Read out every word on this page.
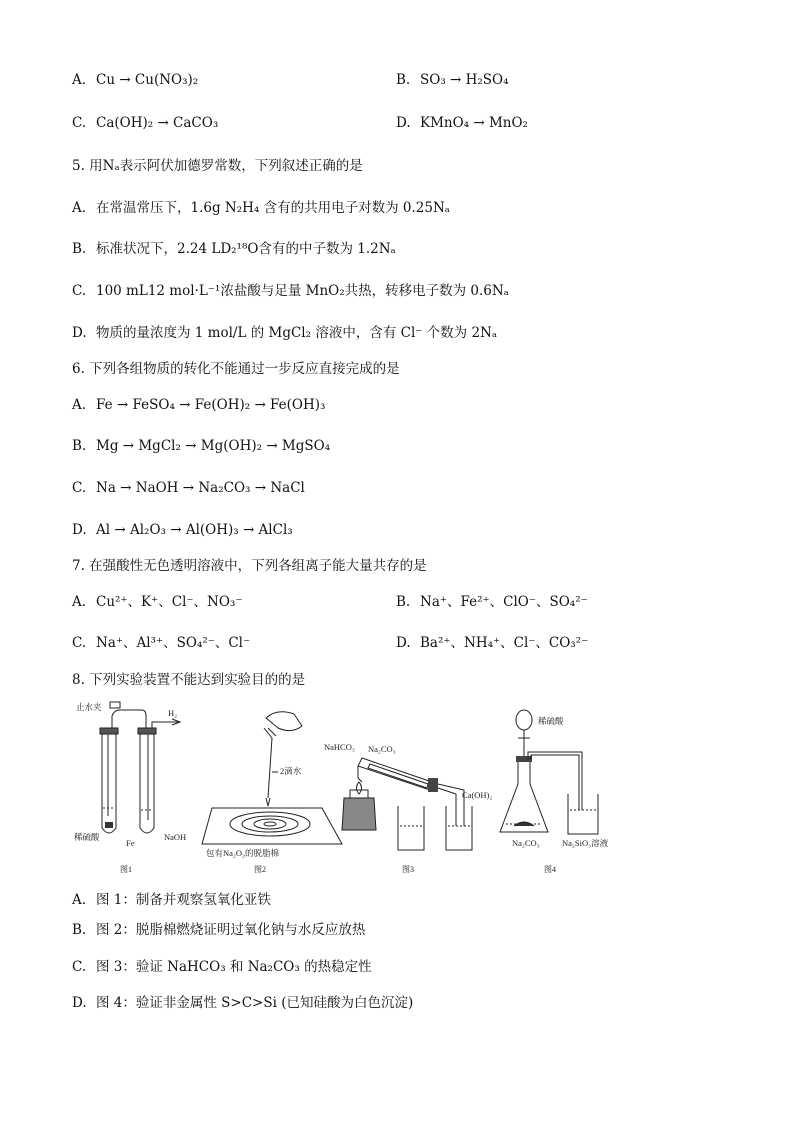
A. Cu → Cu(NO₃)₂	B. SO₃ → H₂SO₄
C. Ca(OH)₂ → CaCO₃	D. KMnO₄ → MnO₂
5. 用Nₐ表示阿伏加德罗常数，下列叙述正确的是
A. 在常温常压下，1.6g N₂H₄ 含有的共用电子对数为 0.25Nₐ
B. 标准状况下，2.24 LD₂¹⁸O含有的中子数为 1.2Nₐ
C. 100 mL12 mol·L⁻¹浓盐酸与足量 MnO₂共热，转移电子数为 0.6Nₐ
D. 物质的量浓度为 1 mol/L 的 MgCl₂ 溶液中，含有 Cl⁻ 个数为 2Nₐ
6. 下列各组物质的转化不能通过一步反应直接完成的是
A. Fe → FeSO₄ → Fe(OH)₂ → Fe(OH)₃
B. Mg → MgCl₂ → Mg(OH)₂ → MgSO₄
C. Na → NaOH → Na₂CO₃ → NaCl
D. Al → Al₂O₃ → Al(OH)₃ → AlCl₃
7. 在强酸性无色透明溶液中，下列各组离子能大量共存的是
A. Cu²⁺、K⁺、Cl⁻、NO₃⁻	B. Na⁺、Fe²⁺、ClO⁻、SO₄²⁻
C. Na⁺、Al³⁺、SO₄²⁻、Cl⁻	D. Ba²⁺、NH₄⁺、Cl⁻、CO₃²⁻
8. 下列实验装置不能达到实验目的的是
止水夹
H₂
稀硫酸
Fe
NaOH
图1
2滴水
包有Na₂O₂的脱脂棉
图2
NaHCO₃ Na₂CO₃
Ca(OH)₂
图3
稀硫酸
Na₂CO₃	Na₂SiO₃溶液
图4
A. 图 1：制备并观察氢氧化亚铁
B. 图 2：脱脂棉燃烧证明过氧化钠与水反应放热
C. 图 3：验证 NaHCO₃ 和 Na₂CO₃ 的热稳定性
D. 图 4：验证非金属性 S>C>Si (已知硅酸为白色沉淀)
